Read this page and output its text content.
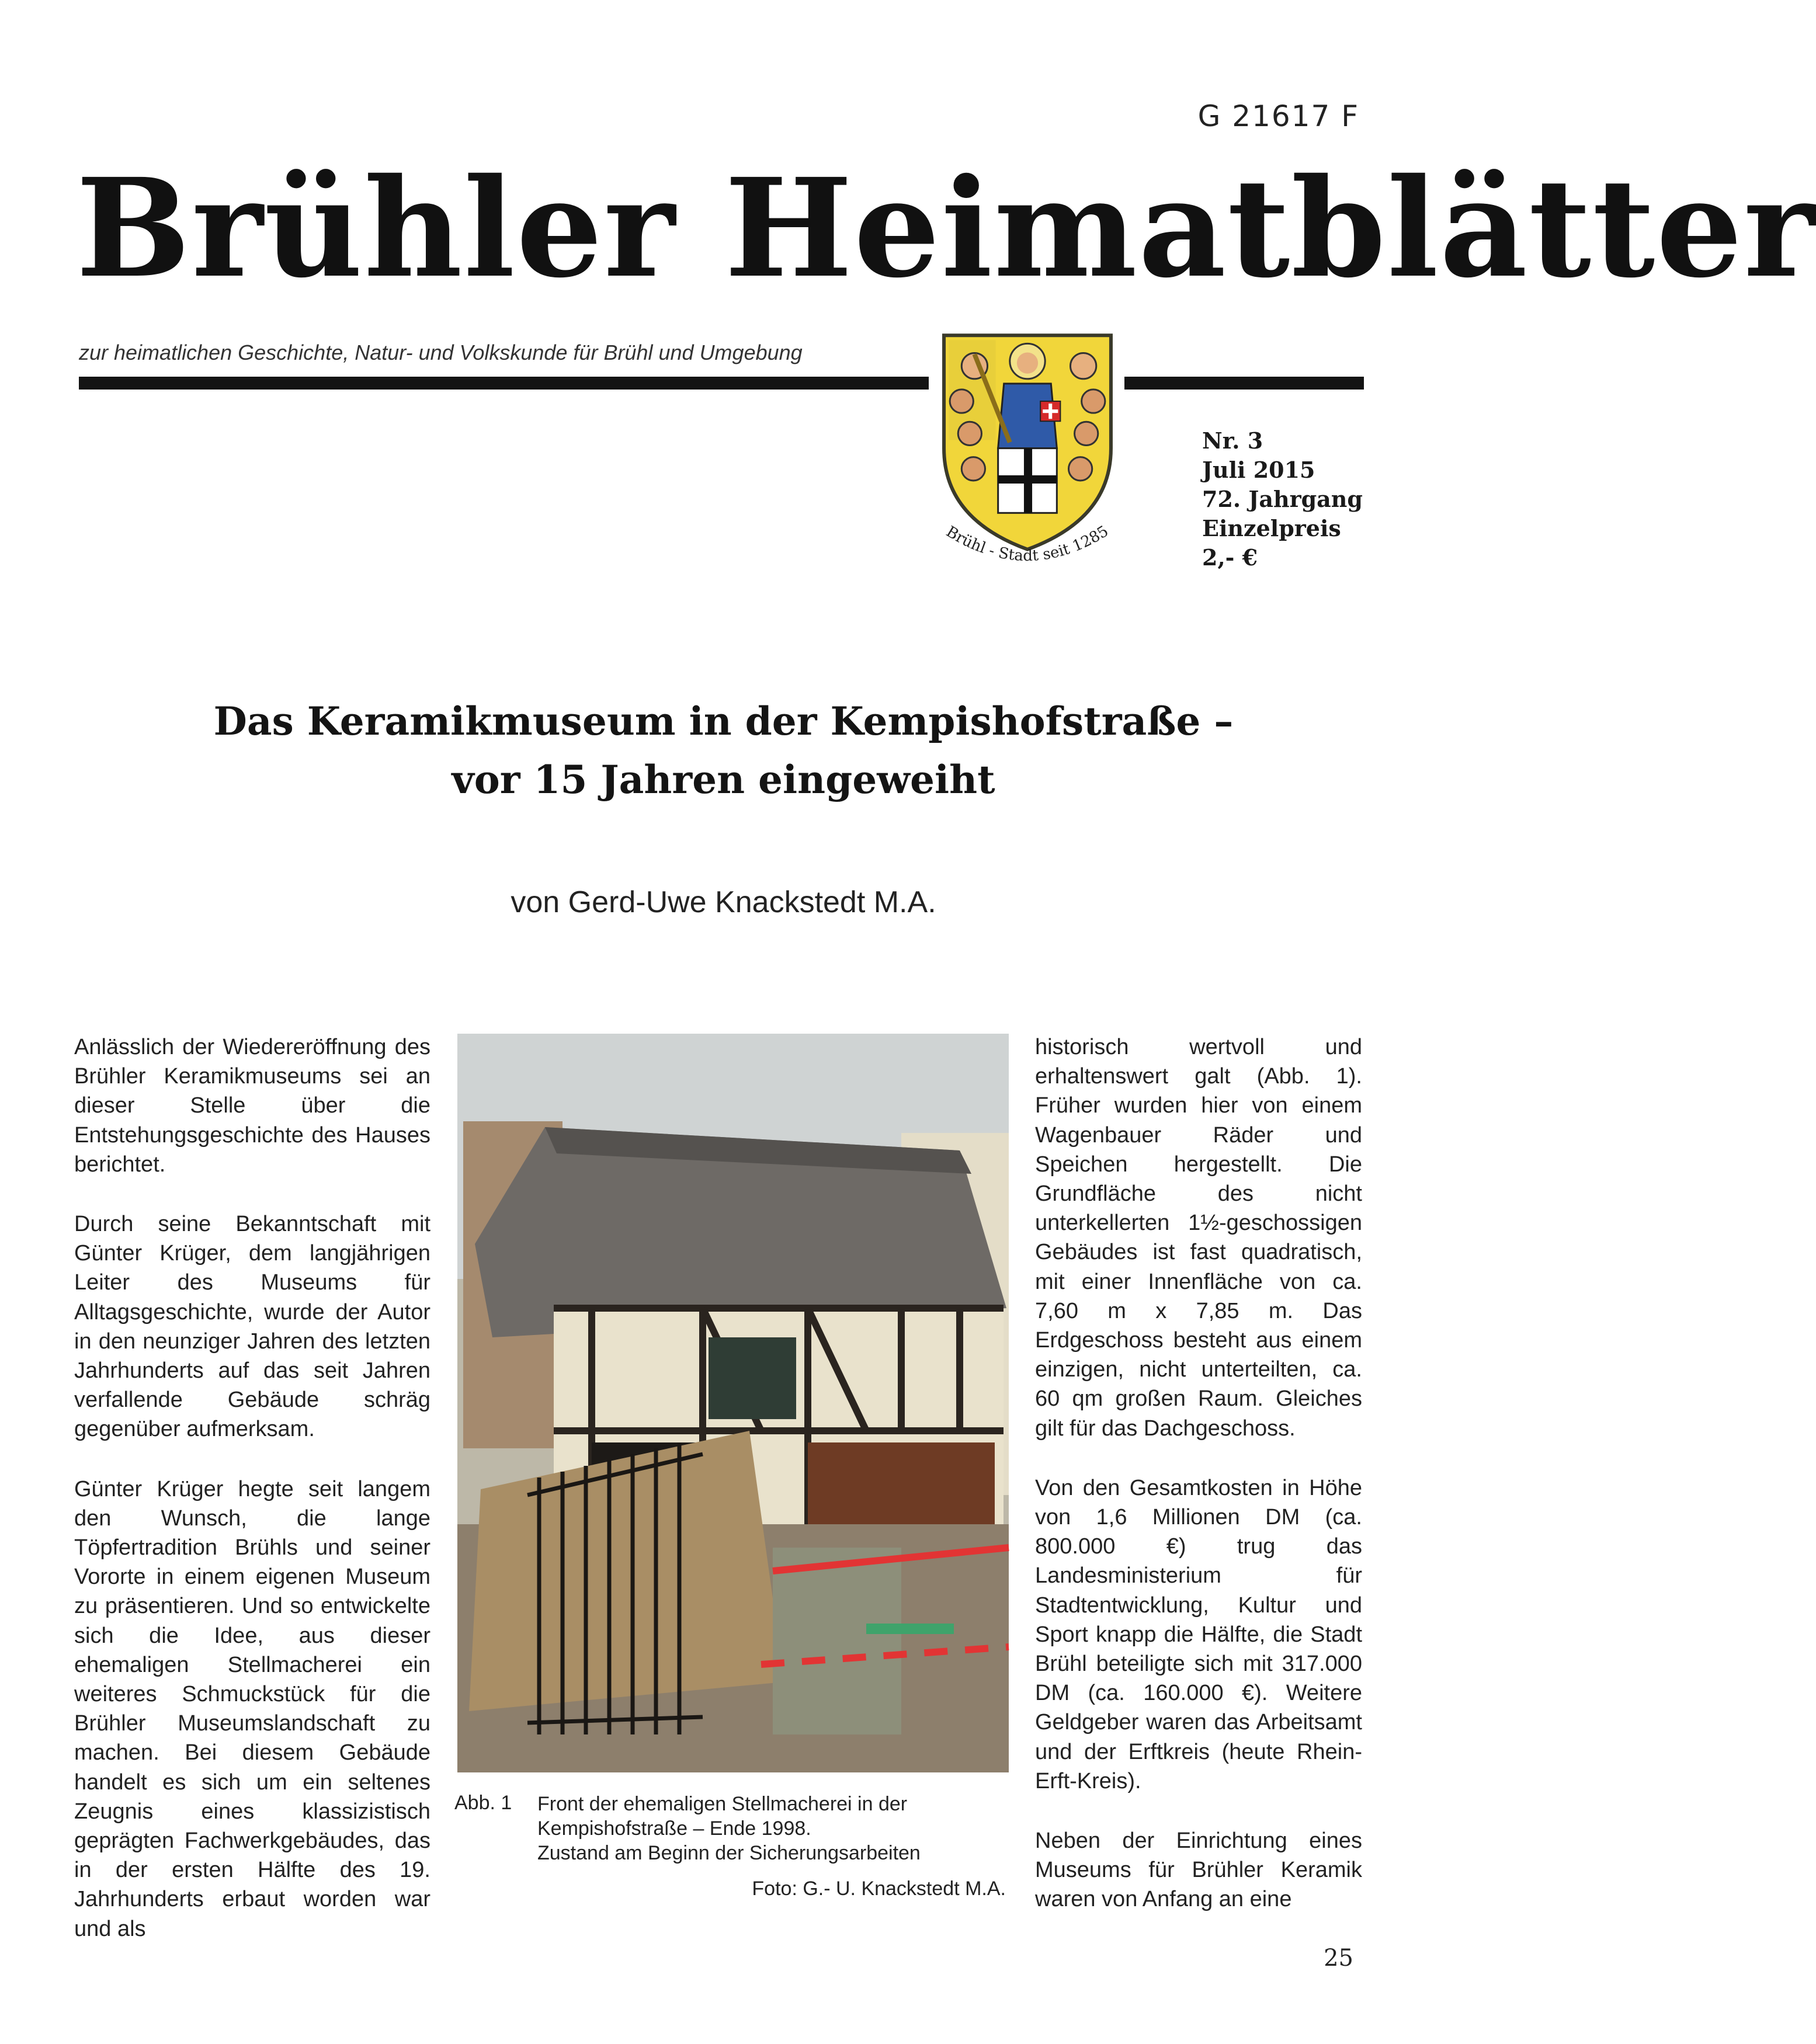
G 21617 F
Brühler Heimatblätter
zur heimatlichen Geschichte, Natur- und Volkskunde für Brühl und Umgebung
Brühl - Stadt seit 1285
Nr. 3
Juli 2015
72. Jahrgang
Einzelpreis
2,- €
Das Keramikmuseum in der Kempishofstraße –
vor 15 Jahren eingeweiht
von Gerd-Uwe Knackstedt M.A.

Anlässlich der Wiedereröffnung des Brühler Keramikmuseums sei an dieser Stelle über die Entstehungsgeschichte des Hauses berichtet.

Durch seine Bekanntschaft mit Günter Krüger, dem langjährigen Leiter des Museums für Alltagsgeschichte, wurde der Autor in den neunziger Jahren des letzten Jahrhunderts auf das seit Jahren verfallende Gebäude schräg gegenüber aufmerksam.

Günter Krüger hegte seit langem den Wunsch, die lange Töpfertradition Brühls und seiner Vororte in einem eigenen Museum zu präsentieren. Und so entwickelte sich die Idee, aus dieser ehemaligen Stellmacherei ein weiteres Schmuckstück für die Brühler Museumslandschaft zu machen. Bei diesem Gebäude handelt es sich um ein seltenes Zeugnis eines klassizistisch geprägten Fachwerkgebäudes, das in der ersten Hälfte des 19. Jahrhunderts erbaut worden war und als

Abb. 1 Front der ehemaligen Stellmacherei in der
Kempishofstraße – Ende 1998.
Zustand am Beginn der Sicherungsarbeiten
Foto: G.- U. Knackstedt M.A.

historisch wertvoll und erhaltenswert galt (Abb. 1). Früher wurden hier von einem Wagenbauer Räder und Speichen hergestellt. Die Grundfläche des nicht unterkellerten 1½-geschossigen Gebäudes ist fast quadratisch, mit einer Innenfläche von ca. 7,60 m x 7,85 m. Das Erdgeschoss besteht aus einem einzigen, nicht unterteilten, ca. 60 qm großen Raum. Gleiches gilt für das Dachgeschoss.

Von den Gesamtkosten in Höhe von 1,6 Millionen DM (ca. 800.000 €) trug das Landesministerium für Stadtentwicklung, Kultur und Sport knapp die Hälfte, die Stadt Brühl beteiligte sich mit 317.000 DM (ca. 160.000 €). Weitere Geldgeber waren das Arbeitsamt und der Erftkreis (heute Rhein-Erft-Kreis).

Neben der Einrichtung eines Museums für Brühler Keramik waren von Anfang an eine

25
